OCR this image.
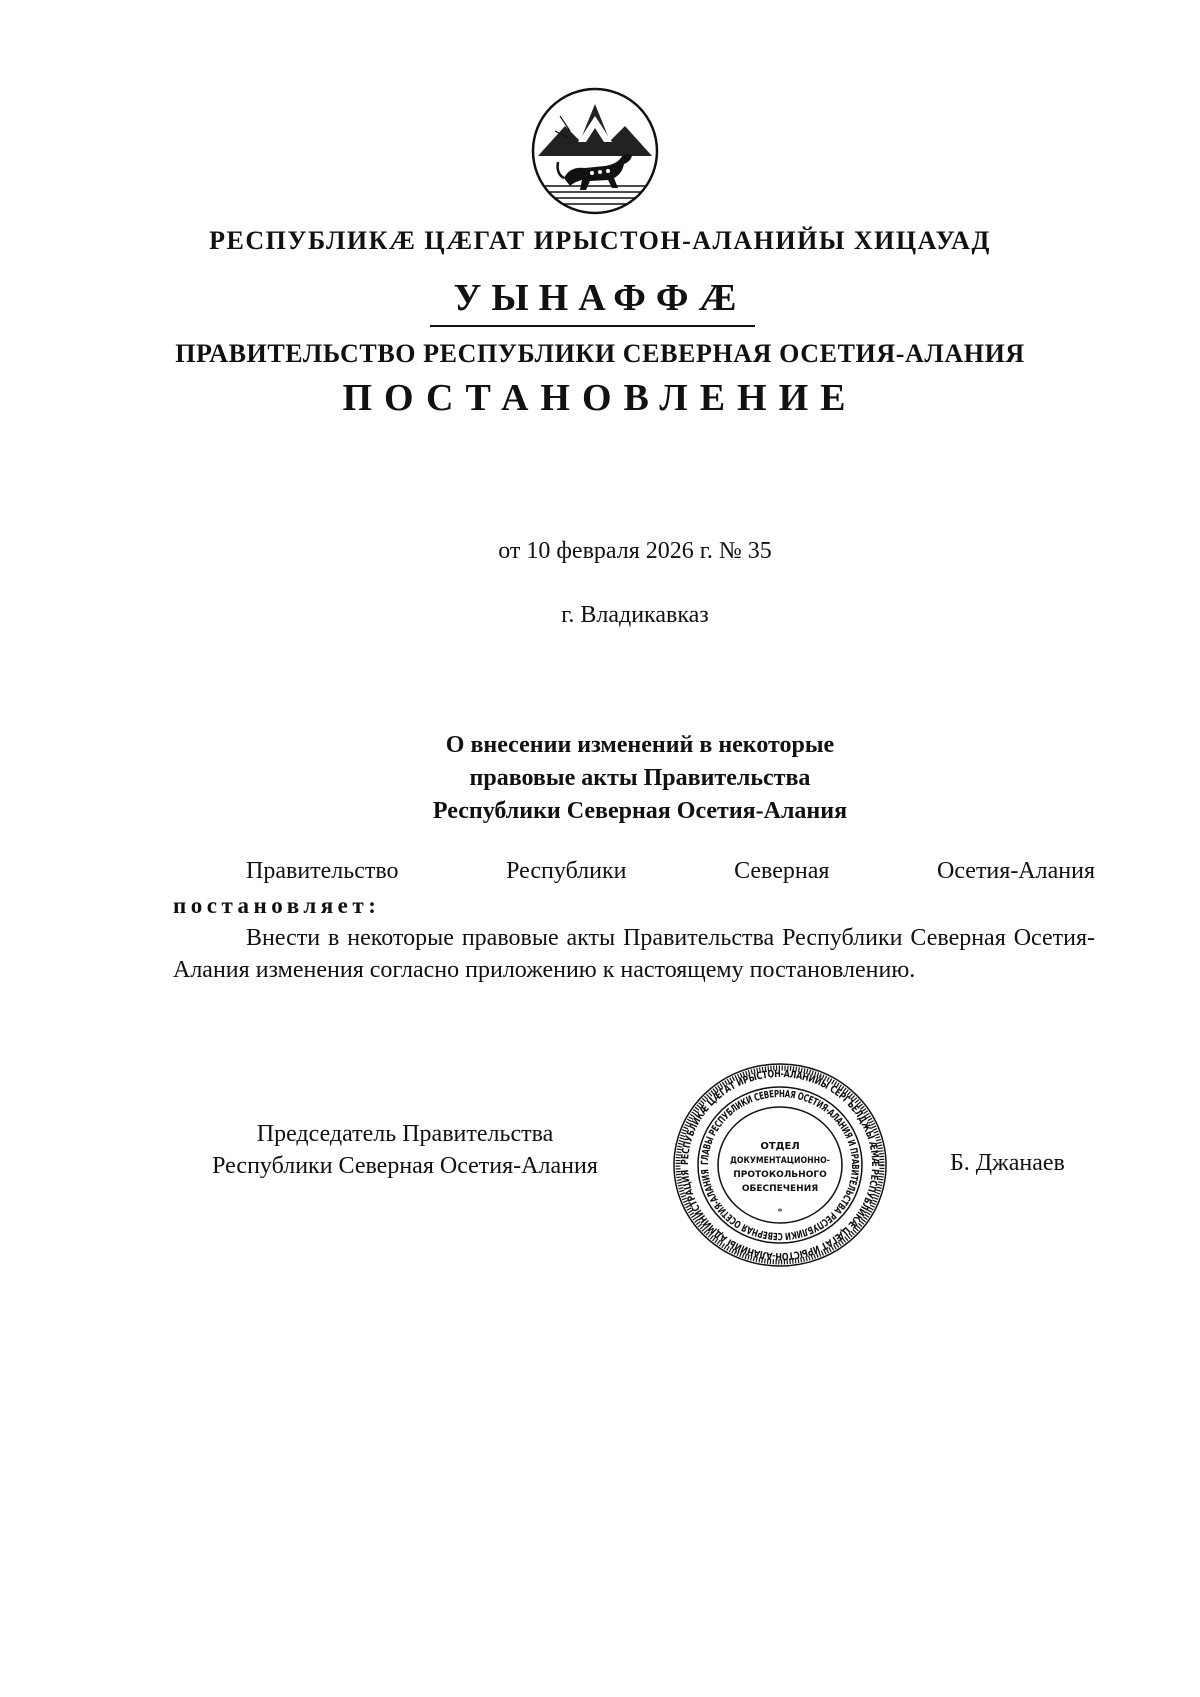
РЕСПУБЛИКӔ ЦӔГАТ ИРЫСТОН-АЛАНИЙЫ ХИЦАУАД
УЫНАФФӔ
ПРАВИТЕЛЬСТВО РЕСПУБЛИКИ СЕВЕРНАЯ ОСЕТИЯ-АЛАНИЯ
ПОСТАНОВЛЕНИЕ
от 10 февраля 2026 г. № 35
г. Владикавказ
О внесении изменений в некоторые
правовые акты Правительства
Республики Северная Осетия-Алания
Правительство	Республики	Северная	Осетия-Алания
постановляет:
Внести в некоторые правовые акты Правительства Республики Северная Осетия-Алания изменения согласно приложению к настоящему постановлению.
Председатель Правительства
Республики Северная Осетия-Алания	РЕСПУБЛИКӔ ЦӔГАТ ИРЫСТОН-АЛАНИЙЫ СЕРГЪЕЛДЖЫ ӔМӔ РЕСПУБЛИКӔ ЦӔГАТ ИРЫСТОН-АЛАНИЙЫ АДМИНИСТРАЦИЯ
ГЛАВЫ РЕСПУБЛИКИ СЕВЕРНАЯ ОСЕТИЯ-АЛАНИЯ И ПРАВИТЕЛЬСТВА РЕСПУБЛИКИ СЕВЕРНАЯ ОСЕТИЯ-АЛАНИЯ
ОТДЕЛ
ДОКУМЕНТАЦИОННО-
ПРОТОКОЛЬНОГО
ОБЕСПЕЧЕНИЯ
*
Б. Джанаев
